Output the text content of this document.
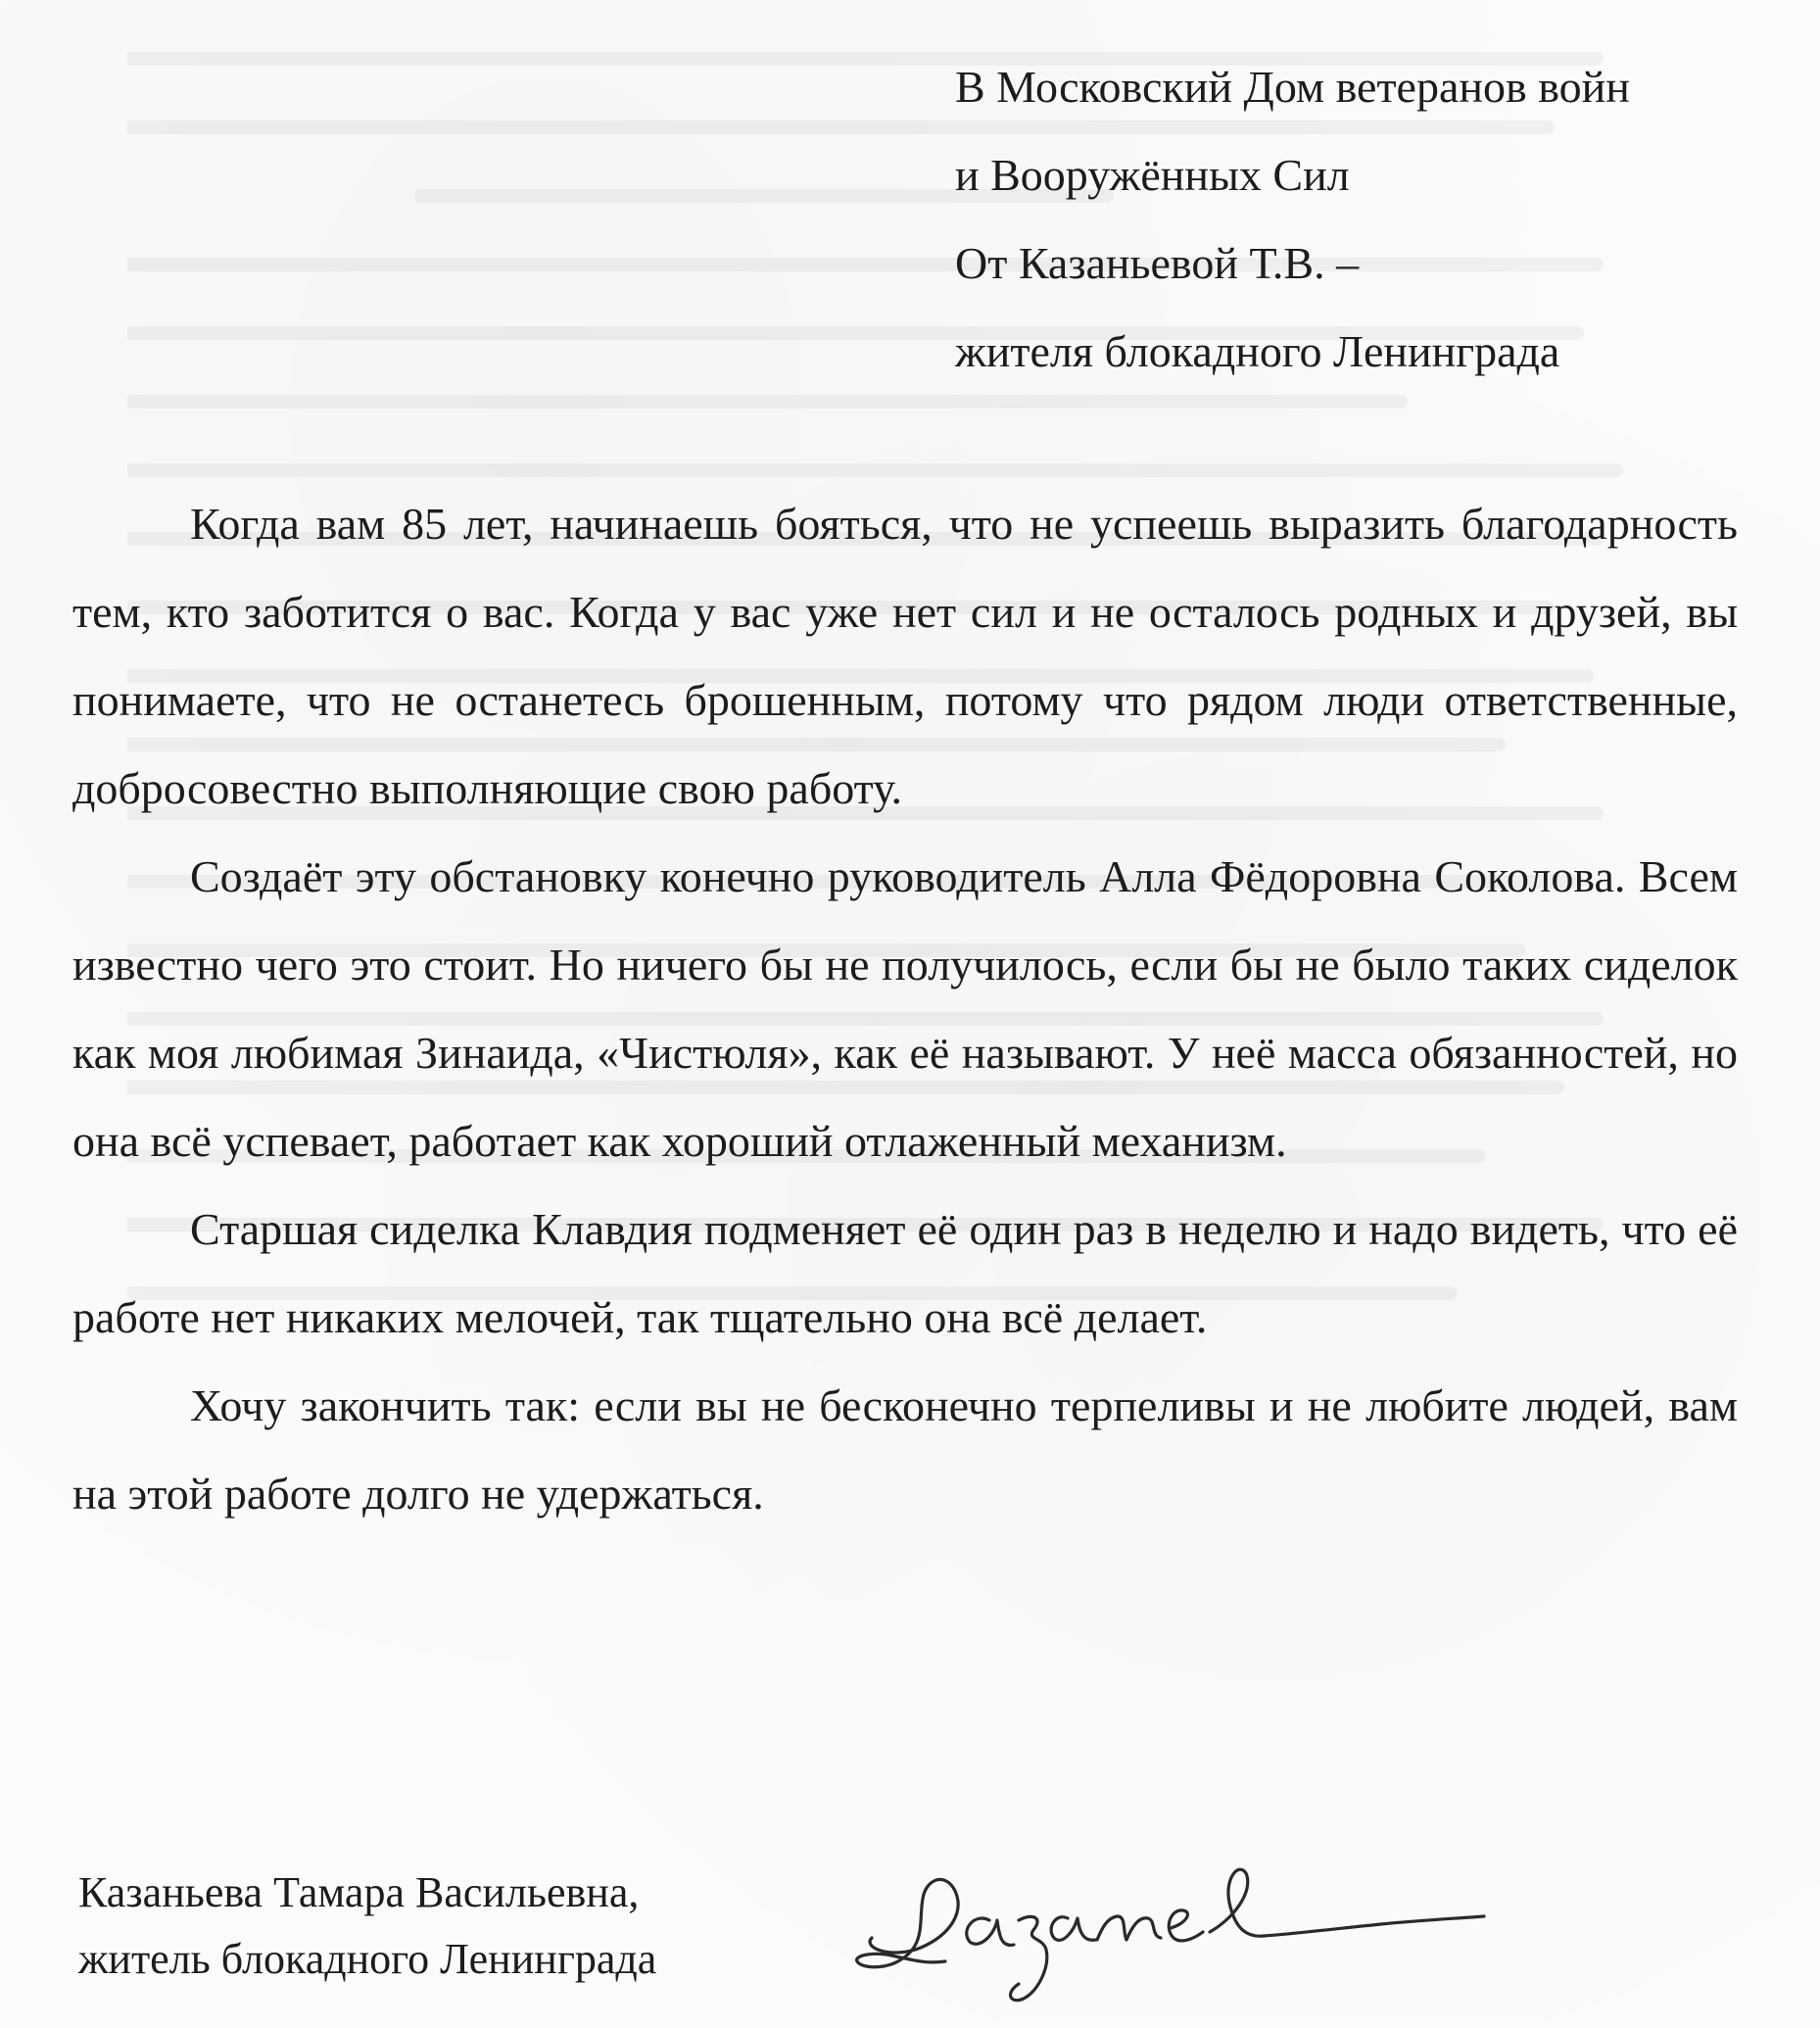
В Московский Дом ветеранов войн
и Вооружённых Сил
От Казаньевой Т.В. –
жителя блокадного Ленинграда

Когда вам 85 лет, начинаешь бояться, что не успеешь выразить благодарность тем, кто заботится о вас. Когда у вас уже нет сил и не осталось родных и друзей, вы понимаете, что не останетесь брошенным, потому что рядом люди ответственные, добросовестно выполняющие свою работу.

Создаёт эту обстановку конечно руководитель Алла Фёдоровна Соколова. Всем известно чего это стоит. Но ничего бы не получилось, если бы не было таких сиделок как моя любимая Зинаида, «Чистюля», как её называют. У неё масса обязанностей, но она всё успевает, работает как хороший отлаженный механизм.

Старшая сиделка Клавдия подменяет её один раз в неделю и надо видеть, что её работе нет никаких мелочей, так тщательно она всё делает.

Хочу закончить так: если вы не бесконечно терпеливы и не любите людей, вам на этой работе долго не удержаться.

Казаньева Тамара Васильевна,
житель блокадного Ленинграда
